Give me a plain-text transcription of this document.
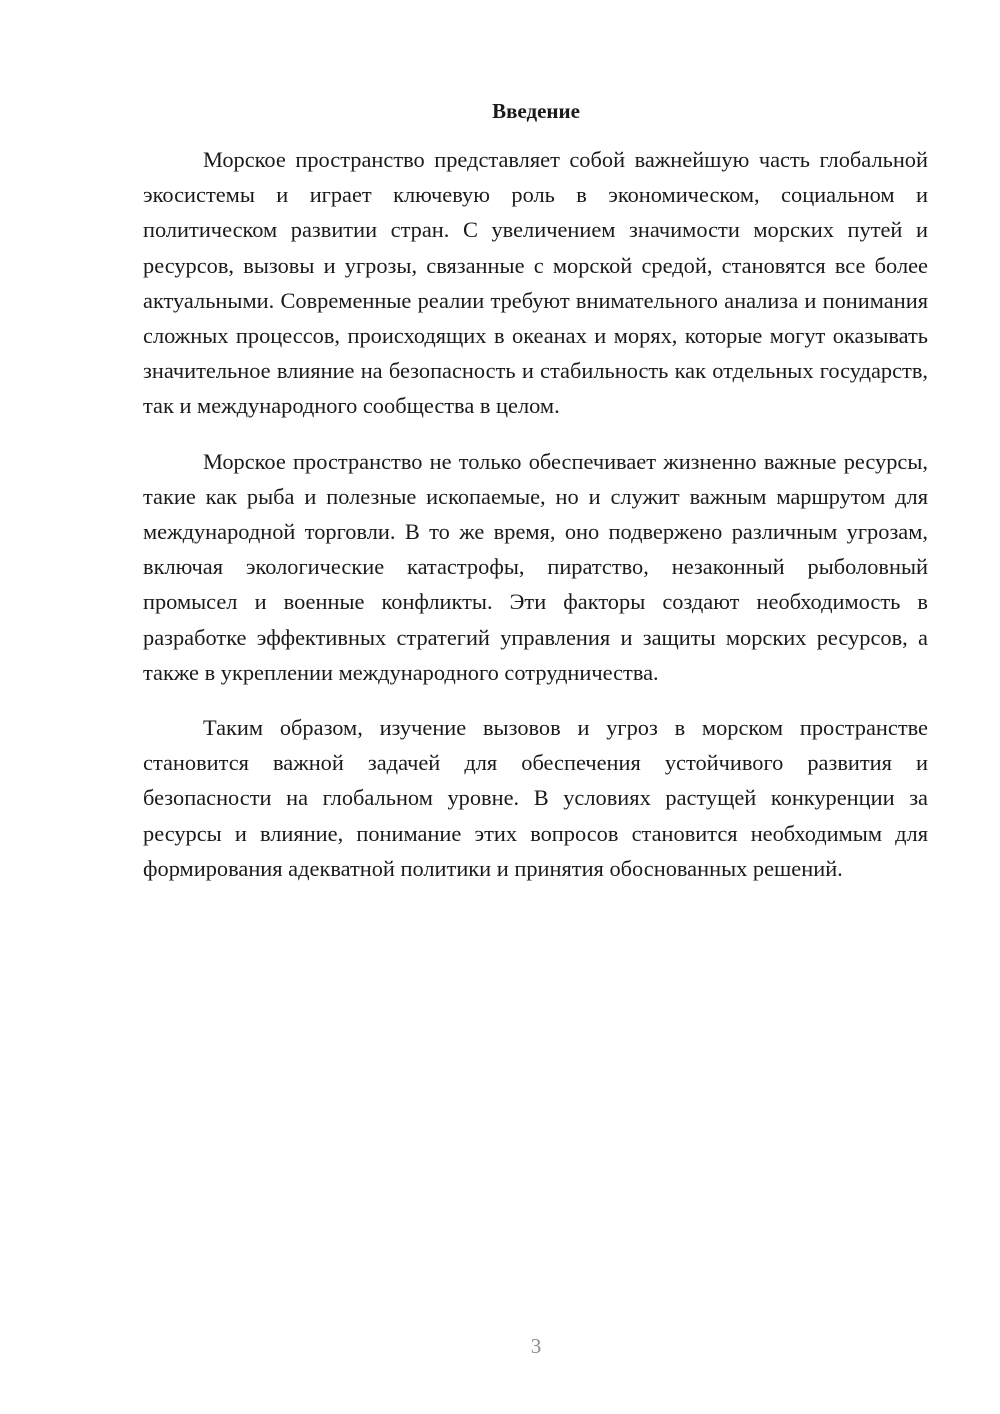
Введение

Морское пространство представляет собой важнейшую часть глобальной экосистемы и играет ключевую роль в экономическом, социальном и политическом развитии стран. С увеличением значимости морских путей и ресурсов, вызовы и угрозы, связанные с морской средой, становятся все более актуальными. Современные реалии требуют внимательного анализа и понимания сложных процессов, происходящих в океанах и морях, которые могут оказывать значительное влияние на безопасность и стабильность как отдельных государств, так и международного сообщества в целом.

Морское пространство не только обеспечивает жизненно важные ресурсы, такие как рыба и полезные ископаемые, но и служит важным маршрутом для международной торговли. В то же время, оно подвержено различным угрозам, включая экологические катастрофы, пиратство, незаконный рыболовный промысел и военные конфликты. Эти факторы создают необходимость в разработке эффективных стратегий управления и защиты морских ресурсов, а также в укреплении международного сотрудничества.

Таким образом, изучение вызовов и угроз в морском пространстве становится важной задачей для обеспечения устойчивого развития и безопасности на глобальном уровне. В условиях растущей конкуренции за ресурсы и влияние, понимание этих вопросов становится необходимым для формирования адекватной политики и принятия обоснованных решений.

3
